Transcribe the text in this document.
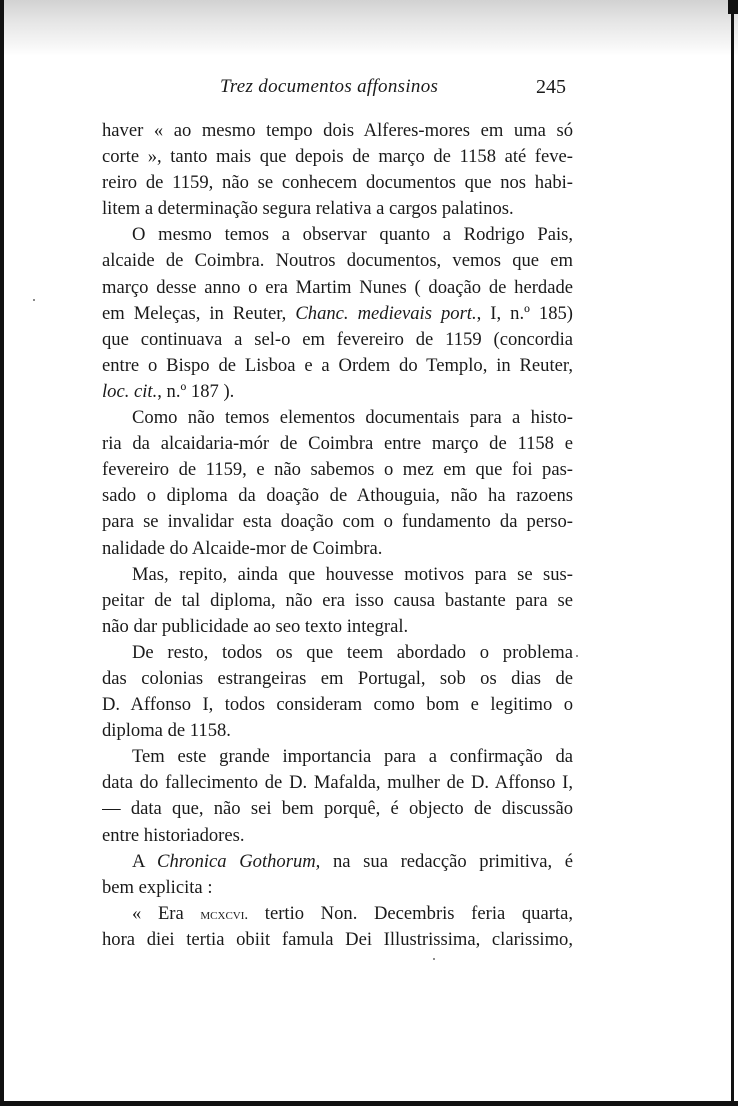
Trez documentos affonsinos	245
haver « ao mesmo tempo dois Alferes-mores em uma só
corte », tanto mais que depois de março de 1158 até feve-
reiro de 1159, não se conhecem documentos que nos habi-
litem a determinação segura relativa a cargos palatinos.
O mesmo temos a observar quanto a Rodrigo Pais,
alcaide de Coimbra. Noutros documentos, vemos que em
março desse anno o era Martim Nunes ( doação de herdade
em Meleças, in Reuter, Chanc. medievais port., I, n.º 185)
que continuava a sel-o em fevereiro de 1159 (concordia
entre o Bispo de Lisboa e a Ordem do Templo, in Reuter,
loc. cit., n.º 187 ).
Como não temos elementos documentais para a histo-
ria da alcaidaria-mór de Coimbra entre março de 1158 e
fevereiro de 1159, e não sabemos o mez em que foi pas-
sado o diploma da doação de Athouguia, não ha razoens
para se invalidar esta doação com o fundamento da perso-
nalidade do Alcaide-mor de Coimbra.
Mas, repito, ainda que houvesse motivos para se sus-
peitar de tal diploma, não era isso causa bastante para se
não dar publicidade ao seo texto integral.
De resto, todos os que teem abordado o problema
das colonias estrangeiras em Portugal, sob os dias de
D. Affonso I, todos consideram como bom e legitimo o
diploma de 1158.
Tem este grande importancia para a confirmação da
data do fallecimento de D. Mafalda, mulher de D. Affonso I,
— data que, não sei bem porquê, é objecto de discussão
entre historiadores.
A Chronica Gothorum, na sua redacção primitiva, é
bem explicita :
« Era mcxcvi. tertio Non. Decembris feria quarta,
hora diei tertia obiit famula Dei Illustrissima, clarissimo,
